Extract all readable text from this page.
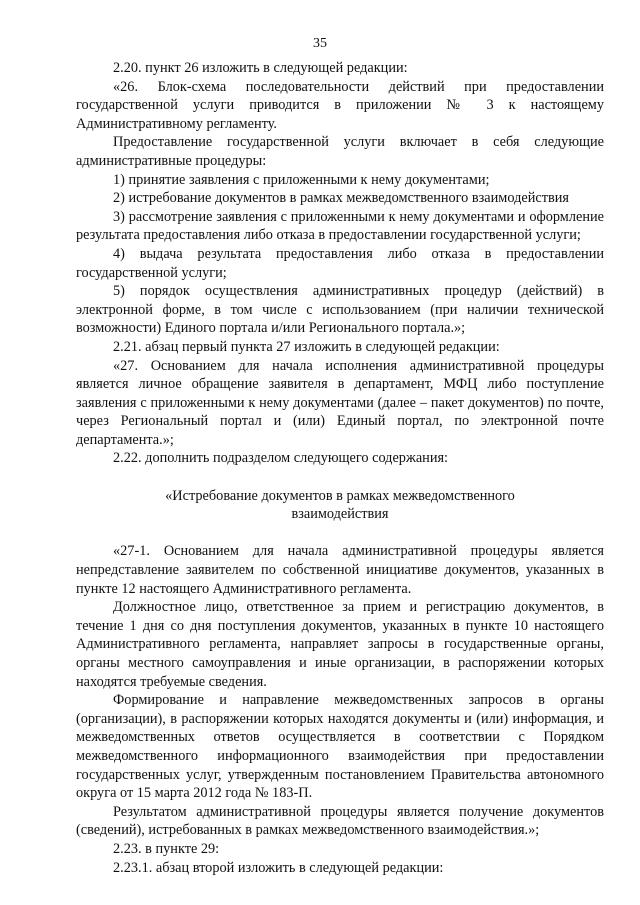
35

2.20. пункт 26 изложить в следующей редакции:

«26. Блок-схема последовательности действий при предоставлении государственной услуги приводится в приложении № 3 к настоящему Административному регламенту.

Предоставление государственной услуги включает в себя следующие административные процедуры:

1) принятие заявления с приложенными к нему документами;

2) истребование документов в рамках межведомственного взаимодействия

3) рассмотрение заявления с приложенными к нему документами и оформление результата предоставления либо отказа в предоставлении государственной услуги;

4) выдача результата предоставления либо отказа в предоставлении государственной услуги;

5) порядок осуществления административных процедур (действий) в электронной форме, в том числе с использованием (при наличии технической возможности) Единого портала и/или Регионального портала.»;

2.21. абзац первый пункта 27 изложить в следующей редакции:

«27. Основанием для начала исполнения административной процедуры является личное обращение заявителя в департамент, МФЦ либо поступление заявления с приложенными к нему документами (далее – пакет документов) по почте, через Региональный портал и (или) Единый портал, по электронной почте департамента.»;

2.22. дополнить подразделом следующего содержания:

«Истребование документов в рамках межведомственного взаимодействия

«27-1. Основанием для начала административной процедуры является непредставление заявителем по собственной инициативе документов, указанных в пункте 12 настоящего Административного регламента.

Должностное лицо, ответственное за прием и регистрацию документов, в течение 1 дня со дня поступления документов, указанных в пункте 10 настоящего Административного регламента, направляет запросы в государственные органы, органы местного самоуправления и иные организации, в распоряжении которых находятся требуемые сведения.

Формирование и направление межведомственных запросов в органы (организации), в распоряжении которых находятся документы и (или) информация, и межведомственных ответов осуществляется в соответствии с Порядком межведомственного информационного взаимодействия при предоставлении государственных услуг, утвержденным постановлением Правительства автономного округа от 15 марта 2012 года № 183-П.

Результатом административной процедуры является получение документов (сведений), истребованных в рамках межведомственного взаимодействия.»;

2.23. в пункте 29:

2.23.1. абзац второй изложить в следующей редакции:
